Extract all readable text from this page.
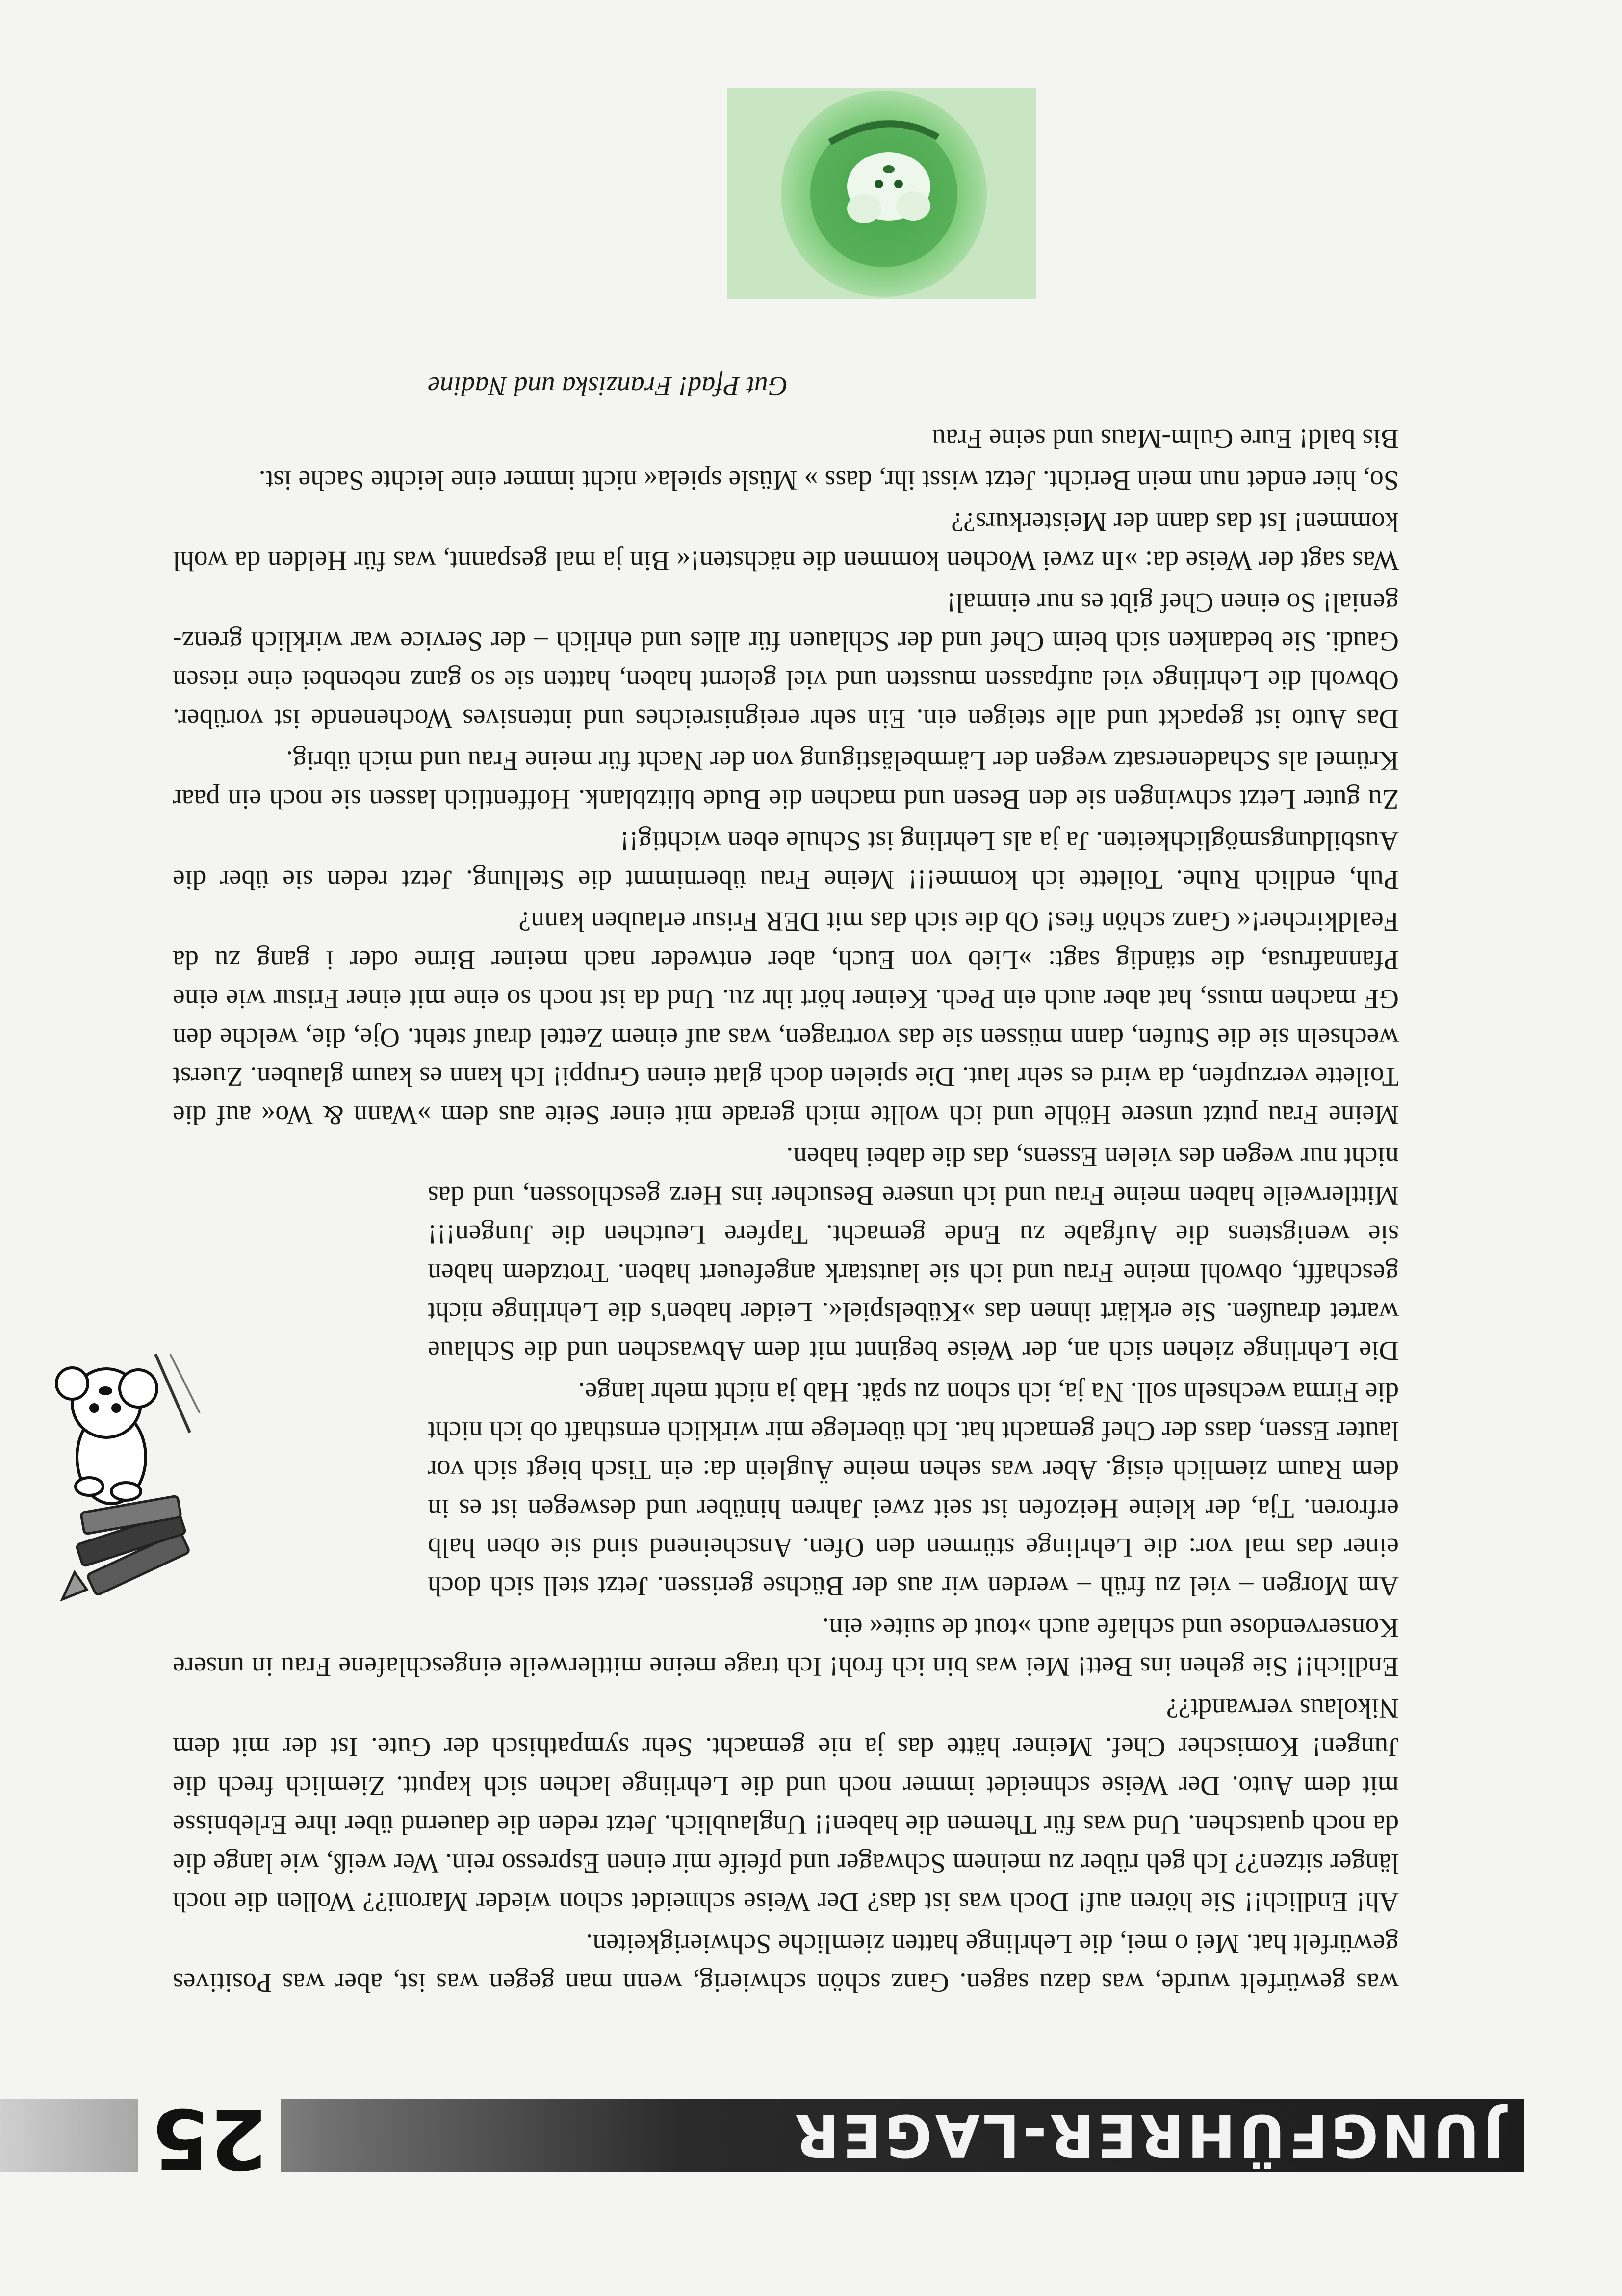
JUNGFÜHRER-LAGER
25

was gewürfelt wurde, was dazu sagen. Ganz schön schwierig, wenn man gegen was ist, aber was Positives gewürfelt hat. Mei o mei, die Lehrlinge hatten ziemliche Schwierigkeiten.

Ah! Endlich!! Sie hören auf! Doch was ist das? Der Weise schneidet schon wieder Maroni?? Wollen die noch länger sitzen?? Ich geh rüber zu meinem Schwager und pfeife mir einen Espresso rein. Wer weiß, wie lange die da noch quatschen. Und was für Themen die haben!! Unglaublich. Jetzt reden die dauernd über ihre Erlebnisse mit dem Auto. Der Weise schneidet immer noch und die Lehrlinge lachen sich kaputt. Ziemlich frech die Jungen! Komischer Chef. Meiner hätte das ja nie gemacht. Sehr sympathisch der Gute. Ist der mit dem Nikolaus verwandt??

Endlich!! Sie gehen ins Bett! Mei was bin ich froh! Ich trage meine mittlerweile eingeschlafene Frau in unsere Konservendose und schlafe auch »tout de suite« ein.

Am Morgen – viel zu früh – werden wir aus der Büchse gerissen. Jetzt stell sich doch einer das mal vor: die Lehrlinge stürmen den Ofen. Anscheinend sind sie oben halb erfroren. Tja, der kleine Heizofen ist seit zwei Jahren hinüber und deswegen ist es in dem Raum ziemlich eisig. Aber was sehen meine Äuglein da: ein Tisch biegt sich vor lauter Essen, dass der Chef gemacht hat. Ich überlege mir wirklich ernsthaft ob ich nicht die Firma wechseln soll. Na ja, ich schon zu spät. Hab ja nicht mehr lange.

Die Lehrlinge ziehen sich an, der Weise beginnt mit dem Abwaschen und die Schlaue wartet draußen. Sie erklärt ihnen das »Kübelspiel«. Leider haben's die Lehrlinge nicht geschafft, obwohl meine Frau und ich sie lautstark angefeuert haben. Trotzdem haben sie wenigstens die Aufgabe zu Ende gemacht. Tapfere Leutchen die Jungen!!! Mittlerweile haben meine Frau und ich unsere Besucher ins Herz geschlossen, und das nicht nur wegen des vielen Essens, das die dabei haben.

Meine Frau putzt unsere Höhle und ich wollte mich gerade mit einer Seite aus dem »Wann & Wo« auf die Toilette verzupfen, da wird es sehr laut. Die spielen doch glatt einen Gruppi! Ich kann es kaum glauben. Zuerst wechseln sie die Stufen, dann müssen sie das vortragen, was auf einem Zettel drauf steht. Oje, die, welche den GF machen muss, hat aber auch ein Pech. Keiner hört ihr zu. Und da ist noch so eine mit einer Frisur wie eine Pfannafrusa, die ständig sagt: »Lieb von Euch, aber entweder nach meiner Birne oder i gang zu da Fealdkircher!« Ganz schön fies! Ob die sich das mit DER Frisur erlauben kann?

Puh, endlich Ruhe. Toilette ich komme!!! Meine Frau übernimmt die Stellung. Jetzt reden sie über die Ausbildungsmöglichkeiten. Ja ja als Lehrling ist Schule eben wichtig!!

Zu guter Letzt schwingen sie den Besen und machen die Bude blitzblank. Hoffentlich lassen sie noch ein paar Krümel als Schadenersatz wegen der Lärmbelästigung von der Nacht für meine Frau und mich übrig.

Das Auto ist gepackt und alle steigen ein. Ein sehr ereignisreiches und intensives Wochenende ist vorüber. Obwohl die Lehrlinge viel aufpassen mussten und viel gelernt haben, hatten sie so ganz nebenbei eine riesen Gaudi. Sie bedanken sich beim Chef und der Schlauen für alles und ehrlich – der Service war wirklich grenz-genial! So einen Chef gibt es nur einmal!

Was sagt der Weise da: »In zwei Wochen kommen die nächsten!« Bin ja mal gespannt, was für Helden da wohl kommen! Ist das dann der Meisterkurs??

So, hier endet nun mein Bericht. Jetzt wisst ihr, dass » Müsle spiela« nicht immer eine leichte Sache ist.

Bis bald! Eure Gulm-Maus und seine Frau

Gut Pfad! Franziska und Nadine
